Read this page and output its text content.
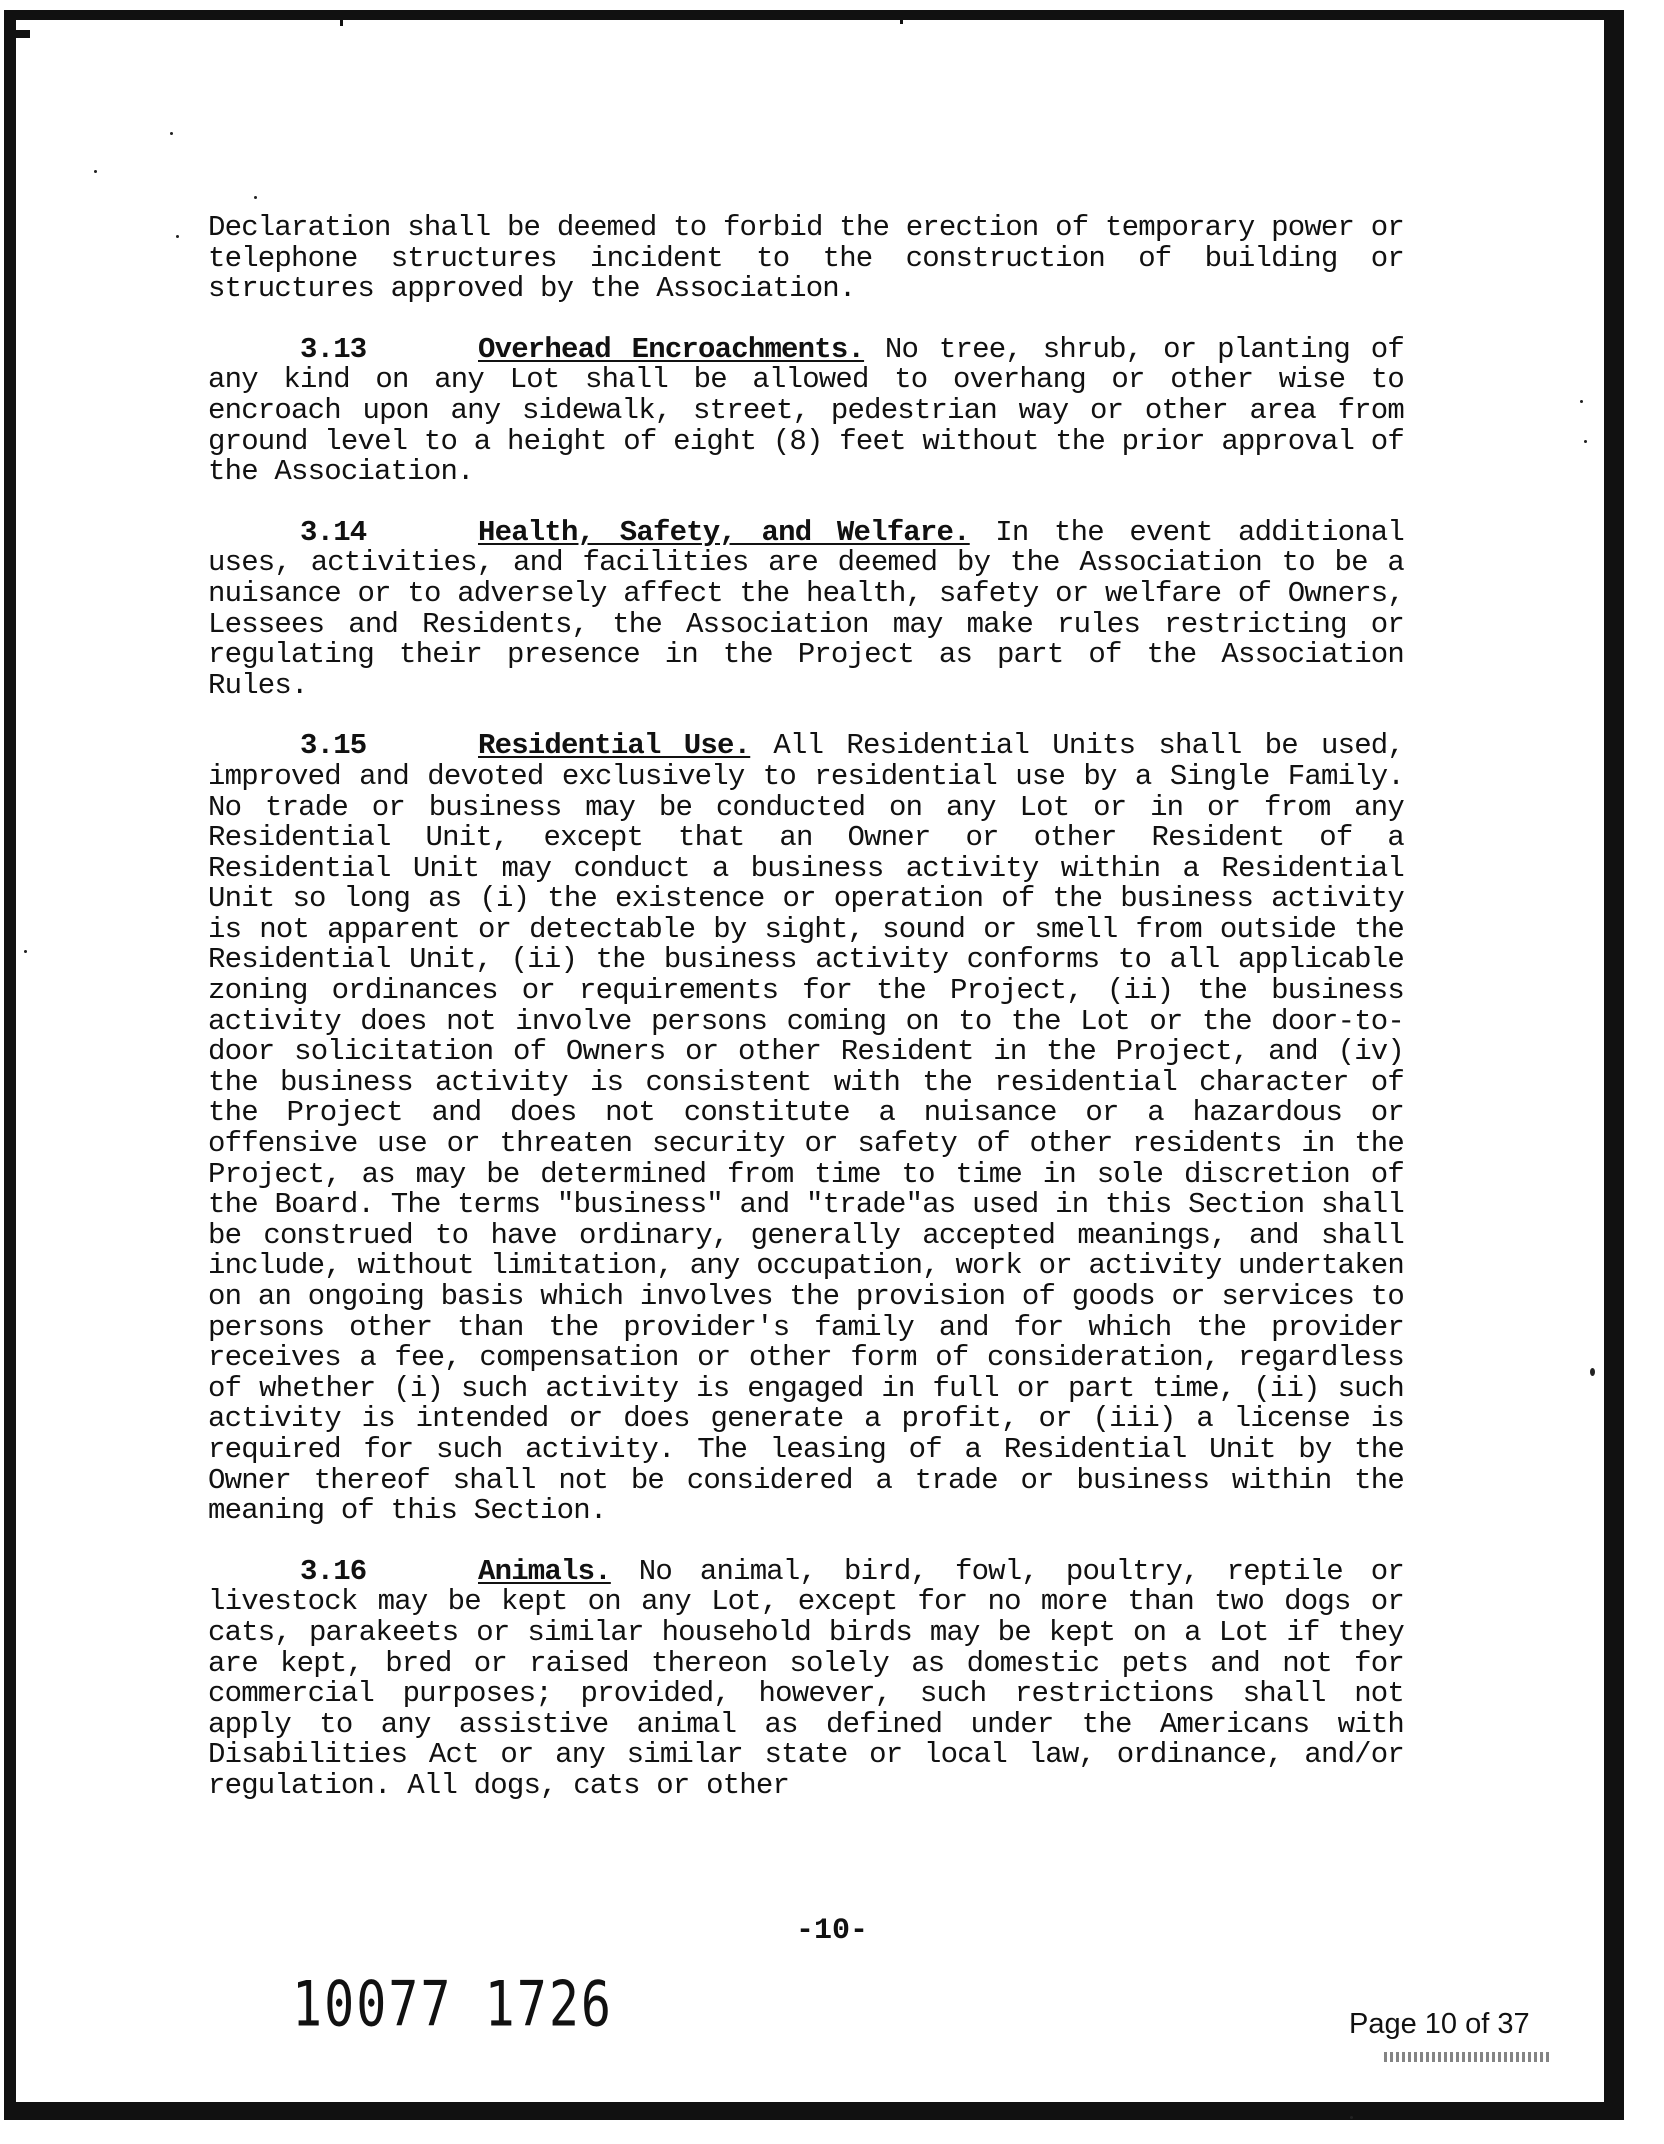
Declaration shall be deemed to forbid the erection of temporary power or telephone structures incident to the construction of building or structures approved by the Association.

3.13	Overhead Encroachments. No tree, shrub, or planting of any kind on any Lot shall be allowed to overhang or other wise to encroach upon any sidewalk, street, pedestrian way or other area from ground level to a height of eight (8) feet without the prior approval of the Association.

3.14	Health, Safety, and Welfare. In the event additional uses, activities, and facilities are deemed by the Association to be a nuisance or to adversely affect the health, safety or welfare of Owners, Lessees and Residents, the Association may make rules restricting or regulating their presence in the Project as part of the Association Rules.

3.15	Residential Use. All Residential Units shall be used, improved and devoted exclusively to residential use by a Single Family. No trade or business may be conducted on any Lot or in or from any Residential Unit, except that an Owner or other Resident of a Residential Unit may conduct a business activity within a Residential Unit so long as (i) the existence or operation of the business activity is not apparent or detectable by sight, sound or smell from outside the Residential Unit, (ii) the business activity conforms to all applicable zoning ordinances or requirements for the Project, (ii) the business activity does not involve persons coming on to the Lot or the door-to-door solicitation of Owners or other Resident in the Project, and (iv) the business activity is consistent with the residential character of the Project and does not constitute a nuisance or a hazardous or offensive use or threaten security or safety of other residents in the Project, as may be determined from time to time in sole discretion of the Board. The terms "business" and "trade"as used in this Section shall be construed to have ordinary, generally accepted meanings, and shall include, without limitation, any occupation, work or activity undertaken on an ongoing basis which involves the provision of goods or services to persons other than the provider's family and for which the provider receives a fee, compensation or other form of consideration, regardless of whether (i) such activity is engaged in full or part time, (ii) such activity is intended or does generate a profit, or (iii) a license is required for such activity. The leasing of a Residential Unit by the Owner thereof shall not be considered a trade or business within the meaning of this Section.

3.16	Animals. No animal, bird, fowl, poultry, reptile or livestock may be kept on any Lot, except for no more than two dogs or cats, parakeets or similar household birds may be kept on a Lot if they are kept, bred or raised thereon solely as domestic pets and not for commercial purposes; provided, however, such restrictions shall not apply to any assistive animal as defined under the Americans with Disabilities Act or any similar state or local law, ordinance, and/or regulation. All dogs, cats or other

-10-
10077 1726	Page 10 of 37
